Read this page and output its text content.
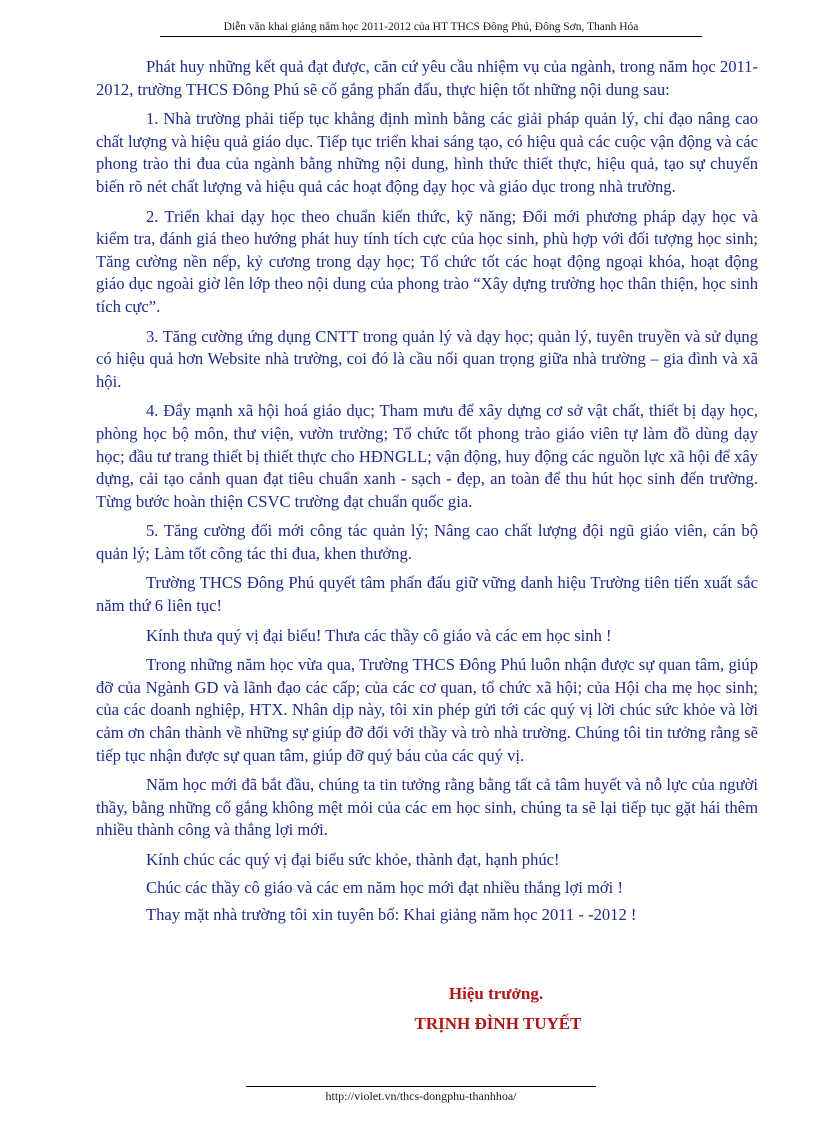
Diễn văn khai giảng năm học 2011-2012 của HT THCS Đông Phú, Đông Sơn, Thanh Hóa

Phát huy những kết quả đạt được, căn cứ yêu cầu nhiệm vụ của ngành, trong năm học 2011-2012, trường THCS Đông Phú sẽ cố gắng phấn đấu, thực hiện tốt những nội dung sau:

1. Nhà trường phải tiếp tục khẳng định mình bằng các giải pháp quản lý, chỉ đạo nâng cao chất lượng và hiệu quả giáo dục. Tiếp tục triển khai sáng tạo, có hiệu quả các cuộc vận động và các phong trào thi đua của ngành bằng những nội dung, hình thức thiết thực, hiệu quả, tạo sự chuyển biến rõ nét chất lượng và hiệu quả các hoạt động dạy học và giáo dục trong nhà trường.

2. Triển khai dạy học theo chuẩn kiến thức, kỹ năng; Đổi mới phương pháp dạy học và kiểm tra, đánh giá theo hướng phát huy tính tích cực của học sinh, phù hợp với đối tượng học sinh; Tăng cường nền nếp, kỷ cương trong dạy học; Tổ chức tốt các hoạt động ngoại khóa, hoạt động giáo dục ngoài giờ lên lớp theo nội dung của phong trào “Xây dựng trường học thân thiện, học sinh tích cực”.

3. Tăng cường ứng dụng CNTT trong quản lý và dạy học; quản lý, tuyên truyền và sử dụng có hiệu quả hơn Website nhà trường, coi đó là cầu nối quan trọng giữa nhà trường – gia đình và xã hội.

4. Đẩy mạnh xã hội hoá giáo dục; Tham mưu để xây dựng cơ sở vật chất, thiết bị dạy học, phòng học bộ môn, thư viện, vườn trường; Tổ chức tốt phong trào giáo viên tự làm đồ dùng dạy học; đầu tư trang thiết bị thiết thực cho HĐNGLL; vận động, huy động các nguồn lực xã hội để xây dựng, cải tạo cảnh quan đạt tiêu chuẩn xanh - sạch - đẹp, an toàn để thu hút học sinh đến trường. Từng bước hoàn thiện CSVC trường đạt chuẩn quốc gia.

5. Tăng cường đổi mới công tác quản lý; Nâng cao chất lượng đội ngũ giáo viên, cán bộ quản lý; Làm tốt công tác thi đua, khen thưởng.

Trường THCS Đông Phú quyết tâm phấn đấu giữ vững danh hiệu Trường tiên tiến xuất sắc năm thứ 6 liên tục!

Kính thưa quý vị đại biểu! Thưa các thầy cô giáo và các em học sinh !

Trong những năm học vừa qua, Trường THCS Đông Phú luôn nhận được sự quan tâm, giúp đỡ của Ngành GD và lãnh đạo các cấp; của các cơ quan, tổ chức xã hội; của Hội cha mẹ học sinh; của các doanh nghiệp, HTX. Nhân dịp này, tôi xin phép gửi tới các quý vị lời chúc sức khỏe và lời cảm ơn chân thành về những sự giúp đỡ đối với thầy và trò nhà trường. Chúng tôi tin tưởng rằng sẽ tiếp tục nhận được sự quan tâm, giúp đỡ quý báu của các quý vị.

Năm học mới đã bắt đầu, chúng ta tin tưởng rằng bằng tất cả tâm huyết và nỗ lực của người thầy, bằng những cố gắng không mệt mỏi của các em học sinh, chúng ta sẽ lại tiếp tục gặt hái thêm nhiều thành công và thắng lợi mới.

Kính chúc các quý vị đại biểu sức khỏe, thành đạt, hạnh phúc!

Chúc các thầy cô giáo và các em năm học mới đạt nhiều thắng lợi mới !

Thay mặt nhà trường tôi xin tuyên bố: Khai giảng năm học 2011 - -2012 !

Hiệu trưởng.
TRỊNH ĐÌNH TUYẾT
http://violet.vn/thcs-dongphu-thanhhoa/
